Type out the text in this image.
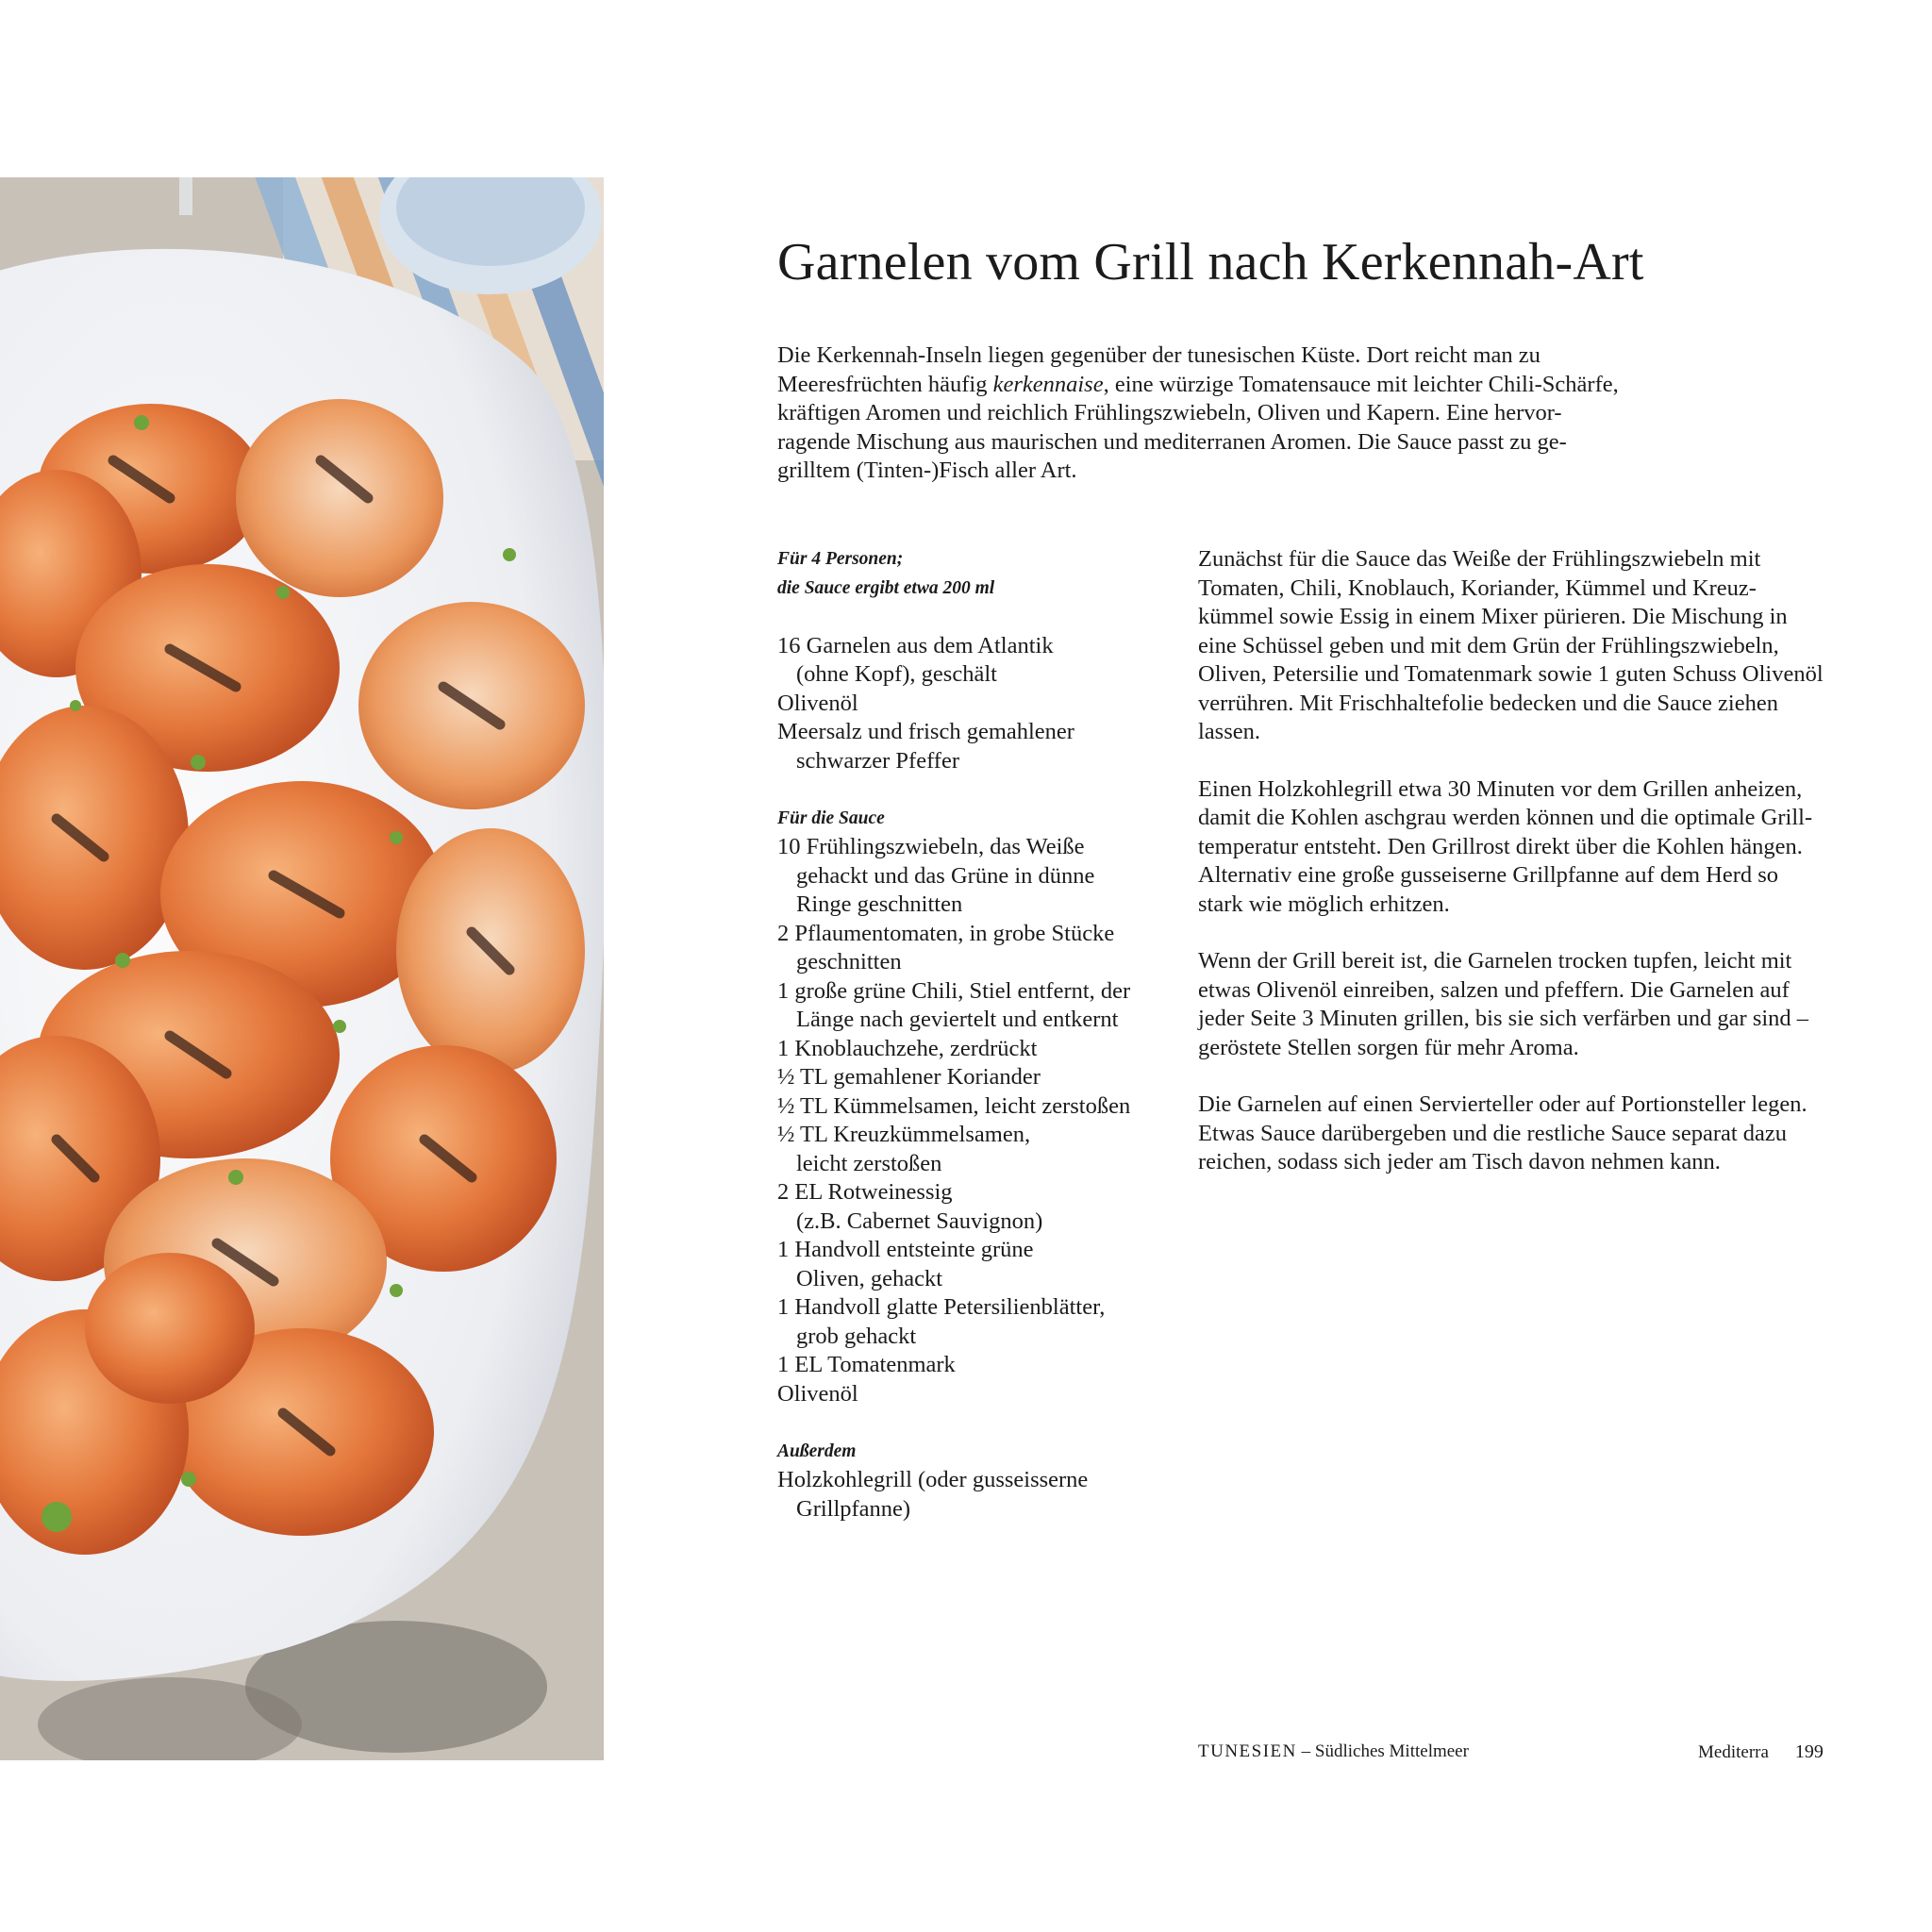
Garnelen vom Grill nach Kerkennah-Art

Die Kerkennah-Inseln liegen gegenüber der tunesischen Küste. Dort reicht man zu
Meeresfrüchten häufig kerkennaise, eine würzige Tomatensauce mit leichter Chili-Schärfe,
kräftigen Aromen und reichlich Frühlingszwiebeln, Oliven und Kapern. Eine hervor-
ragende Mischung aus maurischen und mediterranen Aromen. Die Sauce passt zu ge-
grilltem (Tinten-)Fisch aller Art.

Für 4 Personen;
die Sauce ergibt etwa 200 ml
16 Garnelen aus dem Atlantik
(ohne Kopf), geschält
Olivenöl
Meersalz und frisch gemahlener
schwarzer Pfeffer
Für die Sauce
10 Frühlingszwiebeln, das Weiße
gehackt und das Grüne in dünne
Ringe geschnitten
2 Pflaumentomaten, in grobe Stücke
geschnitten
1 große grüne Chili, Stiel entfernt, der
Länge nach geviertelt und entkernt
1 Knoblauchzehe, zerdrückt
½ TL gemahlener Koriander
½ TL Kümmelsamen, leicht zerstoßen
½ TL Kreuzkümmelsamen,
leicht zerstoßen
2 EL Rotweinessig
(z.B. Cabernet Sauvignon)
1 Handvoll entsteinte grüne
Oliven, gehackt
1 Handvoll glatte Petersilienblätter,
grob gehackt
1 EL Tomatenmark
Olivenöl
Außerdem
Holzkohlegrill (oder gusseisserne
Grillpfanne)
Zunächst für die Sauce das Weiße der Frühlingszwiebeln mit
Tomaten, Chili, Knoblauch, Koriander, Kümmel und Kreuz-
kümmel sowie Essig in einem Mixer pürieren. Die Mischung in
eine Schüssel geben und mit dem Grün der Frühlingszwiebeln,
Oliven, Petersilie und Tomatenmark sowie 1 guten Schuss Olivenöl
verrühren. Mit Frischhaltefolie bedecken und die Sauce ziehen
lassen.
Einen Holzkohlegrill etwa 30 Minuten vor dem Grillen anheizen,
damit die Kohlen aschgrau werden können und die optimale Grill-
temperatur entsteht. Den Grillrost direkt über die Kohlen hängen.
Alternativ eine große gusseiserne Grillpfanne auf dem Herd so
stark wie möglich erhitzen.
Wenn der Grill bereit ist, die Garnelen trocken tupfen, leicht mit
etwas Olivenöl einreiben, salzen und pfeffern. Die Garnelen auf
jeder Seite 3 Minuten grillen, bis sie sich verfärben und gar sind –
geröstete Stellen sorgen für mehr Aroma.
Die Garnelen auf einen Servierteller oder auf Portionsteller legen.
Etwas Sauce darübergeben und die restliche Sauce separat dazu
reichen, sodass sich jeder am Tisch davon nehmen kann.
TUNESIEN – Südliches Mittelmeer	Mediterra 199
